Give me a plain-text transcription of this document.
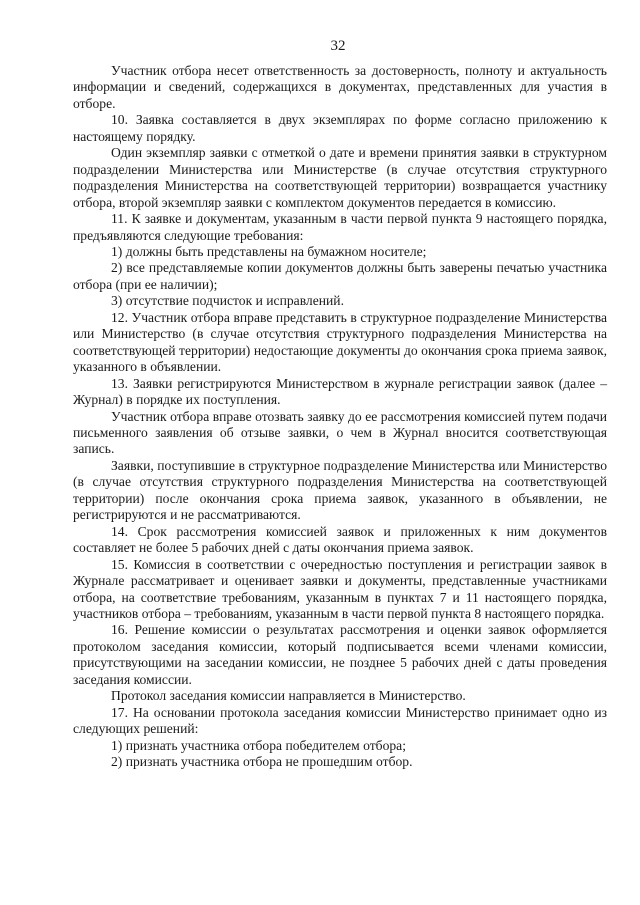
32

Участник отбора несет ответственность за достоверность, полноту и актуальность информации и сведений, содержащихся в документах, представленных для участия в отборе.

10. Заявка составляется в двух экземплярах по форме согласно приложению к настоящему порядку.

Один экземпляр заявки с отметкой о дате и времени принятия заявки в структурном подразделении Министерства или Министерстве (в случае отсутствия структурного подразделения Министерства на соответствующей территории) возвращается участнику отбора, второй экземпляр заявки с комплектом документов передается в комиссию.

11. К заявке и документам, указанным в части первой пункта 9 настоящего порядка, предъявляются следующие требования:

1) должны быть представлены на бумажном носителе;

2) все представляемые копии документов должны быть заверены печатью участника отбора (при ее наличии);

3) отсутствие подчисток и исправлений.

12. Участник отбора вправе представить в структурное подразделение Министерства или Министерство (в случае отсутствия структурного подразделения Министерства на соответствующей территории) недостающие документы до окончания срока приема заявок, указанного в объявлении.

13. Заявки регистрируются Министерством в журнале регистрации заявок (далее – Журнал) в порядке их поступления.

Участник отбора вправе отозвать заявку до ее рассмотрения комиссией путем подачи письменного заявления об отзыве заявки, о чем в Журнал вносится соответствующая запись.

Заявки, поступившие в структурное подразделение Министерства или Министерство (в случае отсутствия структурного подразделения Министерства на соответствующей территории) после окончания срока приема заявок, указанного в объявлении, не регистрируются и не рассматриваются.

14. Срок рассмотрения комиссией заявок и приложенных к ним документов составляет не более 5 рабочих дней с даты окончания приема заявок.

15. Комиссия в соответствии с очередностью поступления и регистрации заявок в Журнале рассматривает и оценивает заявки и документы, представленные участниками отбора, на соответствие требованиям, указанным в пунктах 7 и 11 настоящего порядка, участников отбора – требованиям, указанным в части первой пункта 8 настоящего порядка.

16. Решение комиссии о результатах рассмотрения и оценки заявок оформляется протоколом заседания комиссии, который подписывается всеми членами комиссии, присутствующими на заседании комиссии, не позднее 5 рабочих дней с даты проведения заседания комиссии.

Протокол заседания комиссии направляется в Министерство.

17. На основании протокола заседания комиссии Министерство принимает одно из следующих решений:

1) признать участника отбора победителем отбора;

2) признать участника отбора не прошедшим отбор.
